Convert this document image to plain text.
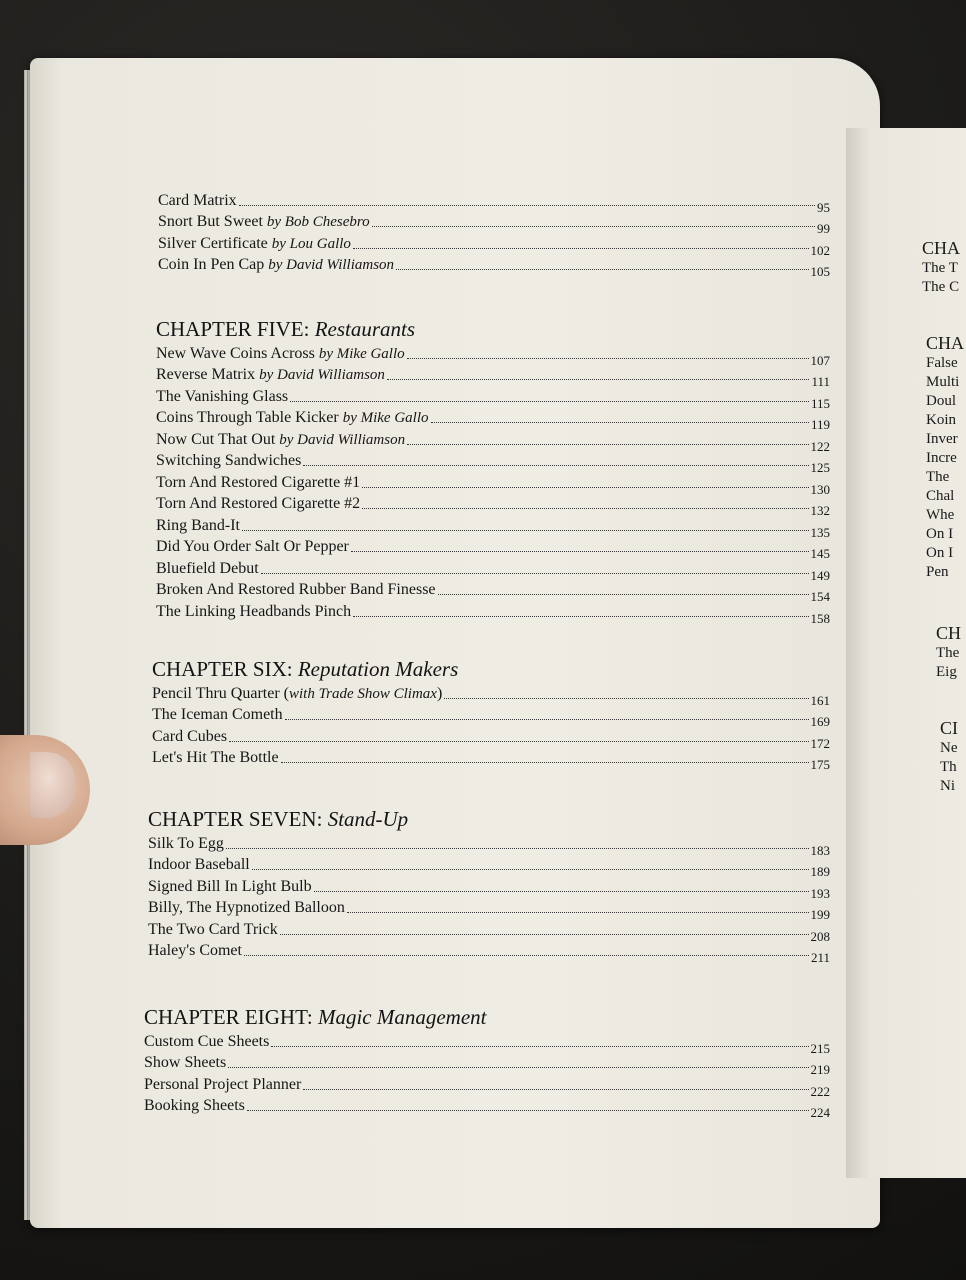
CHA
The T
The C
CHA
False
Multi
Doul
Koin
Inver
Incre
The
Chal
Whe
On I
On I
Pen
CH
The
Eig
CI
Ne
Th
Ni
Card Matrix	95
Snort But Sweet by Bob Chesebro	99
Silver Certificate by Lou Gallo	102
Coin In Pen Cap by David Williamson	105
CHAPTER FIVE: Restaurants
New Wave Coins Across by Mike Gallo	107
Reverse Matrix by David Williamson	111
The Vanishing Glass	115
Coins Through Table Kicker by Mike Gallo	119
Now Cut That Out by David Williamson	122
Switching Sandwiches	125
Torn And Restored Cigarette #1	130
Torn And Restored Cigarette #2	132
Ring Band-It	135
Did You Order Salt Or Pepper	145
Bluefield Debut	149
Broken And Restored Rubber Band Finesse	154
The Linking Headbands Pinch	158
CHAPTER SIX: Reputation Makers
Pencil Thru Quarter (with Trade Show Climax)	161
The Iceman Cometh	169
Card Cubes	172
Let's Hit The Bottle	175
CHAPTER SEVEN: Stand-Up
Silk To Egg	183
Indoor Baseball	189
Signed Bill In Light Bulb	193
Billy, The Hypnotized Balloon	199
The Two Card Trick	208
Haley's Comet	211
CHAPTER EIGHT: Magic Management
Custom Cue Sheets	215
Show Sheets	219
Personal Project Planner	222
Booking Sheets	224
